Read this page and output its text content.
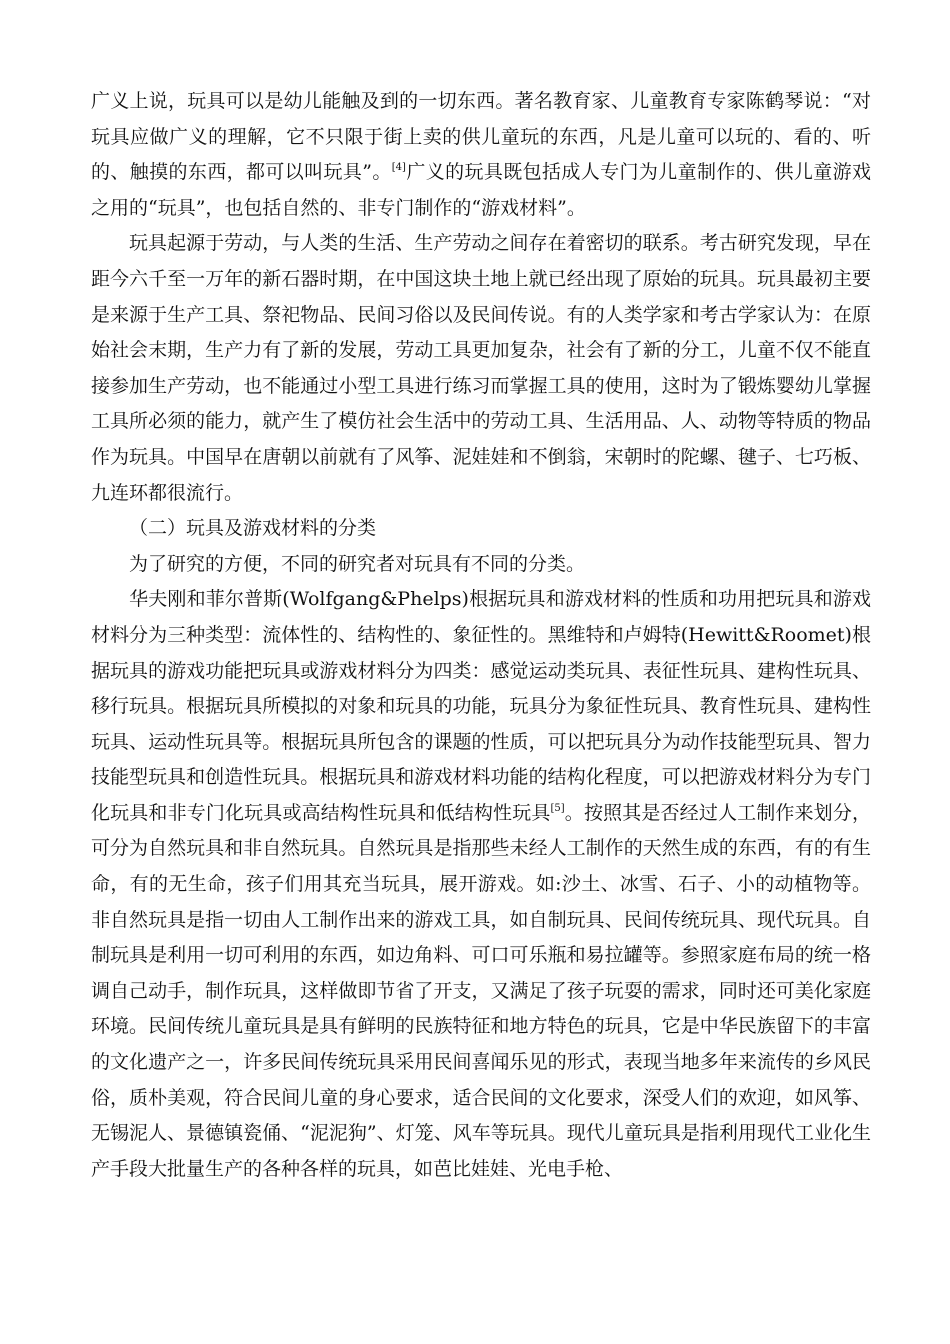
广义上说，玩具可以是幼儿能触及到的一切东西。著名教育家、儿童教育专家陈鹤琴说：“对玩具应做广义的理解，它不只限于街上卖的供儿童玩的东西，凡是儿童可以玩的、看的、听的、触摸的东西，都可以叫玩具”。[4]广义的玩具既包括成人专门为儿童制作的、供儿童游戏之用的“玩具”，也包括自然的、非专门制作的“游戏材料”。

玩具起源于劳动，与人类的生活、生产劳动之间存在着密切的联系。考古研究发现，早在距今六千至一万年的新石器时期，在中国这块土地上就已经出现了原始的玩具。玩具最初主要是来源于生产工具、祭祀物品、民间习俗以及民间传说。有的人类学家和考古学家认为：在原始社会末期，生产力有了新的发展，劳动工具更加复杂，社会有了新的分工，儿童不仅不能直接参加生产劳动，也不能通过小型工具进行练习而掌握工具的使用，这时为了锻炼婴幼儿掌握工具所必须的能力，就产生了模仿社会生活中的劳动工具、生活用品、人、动物等特质的物品作为玩具。中国早在唐朝以前就有了风筝、泥娃娃和不倒翁，宋朝时的陀螺、毽子、七巧板、九连环都很流行。

（二）玩具及游戏材料的分类

为了研究的方便，不同的研究者对玩具有不同的分类。

华夫刚和菲尔普斯(Wolfgang&Phelps)根据玩具和游戏材料的性质和功用把玩具和游戏材料分为三种类型：流体性的、结构性的、象征性的。黑维特和卢姆特(Hewitt&Roomet)根据玩具的游戏功能把玩具或游戏材料分为四类：感觉运动类玩具、表征性玩具、建构性玩具、移行玩具。根据玩具所模拟的对象和玩具的功能，玩具分为象征性玩具、教育性玩具、建构性玩具、运动性玩具等。根据玩具所包含的课题的性质，可以把玩具分为动作技能型玩具、智力技能型玩具和创造性玩具。根据玩具和游戏材料功能的结构化程度，可以把游戏材料分为专门化玩具和非专门化玩具或高结构性玩具和低结构性玩具[5]。按照其是否经过人工制作来划分，可分为自然玩具和非自然玩具。自然玩具是指那些未经人工制作的天然生成的东西，有的有生命，有的无生命，孩子们用其充当玩具，展开游戏。如:沙土、冰雪、石子、小的动植物等。非自然玩具是指一切由人工制作出来的游戏工具，如自制玩具、民间传统玩具、现代玩具。自制玩具是利用一切可利用的东西，如边角料、可口可乐瓶和易拉罐等。参照家庭布局的统一格调自己动手，制作玩具，这样做即节省了开支，又满足了孩子玩耍的需求，同时还可美化家庭环境。民间传统儿童玩具是具有鲜明的民族特征和地方特色的玩具，它是中华民族留下的丰富的文化遗产之一，许多民间传统玩具采用民间喜闻乐见的形式，表现当地多年来流传的乡风民俗，质朴美观，符合民间儿童的身心要求，适合民间的文化要求，深受人们的欢迎，如风筝、无锡泥人、景德镇瓷俑、“泥泥狗”、灯笼、风车等玩具。现代儿童玩具是指利用现代工业化生产手段大批量生产的各种各样的玩具，如芭比娃娃、光电手枪、
